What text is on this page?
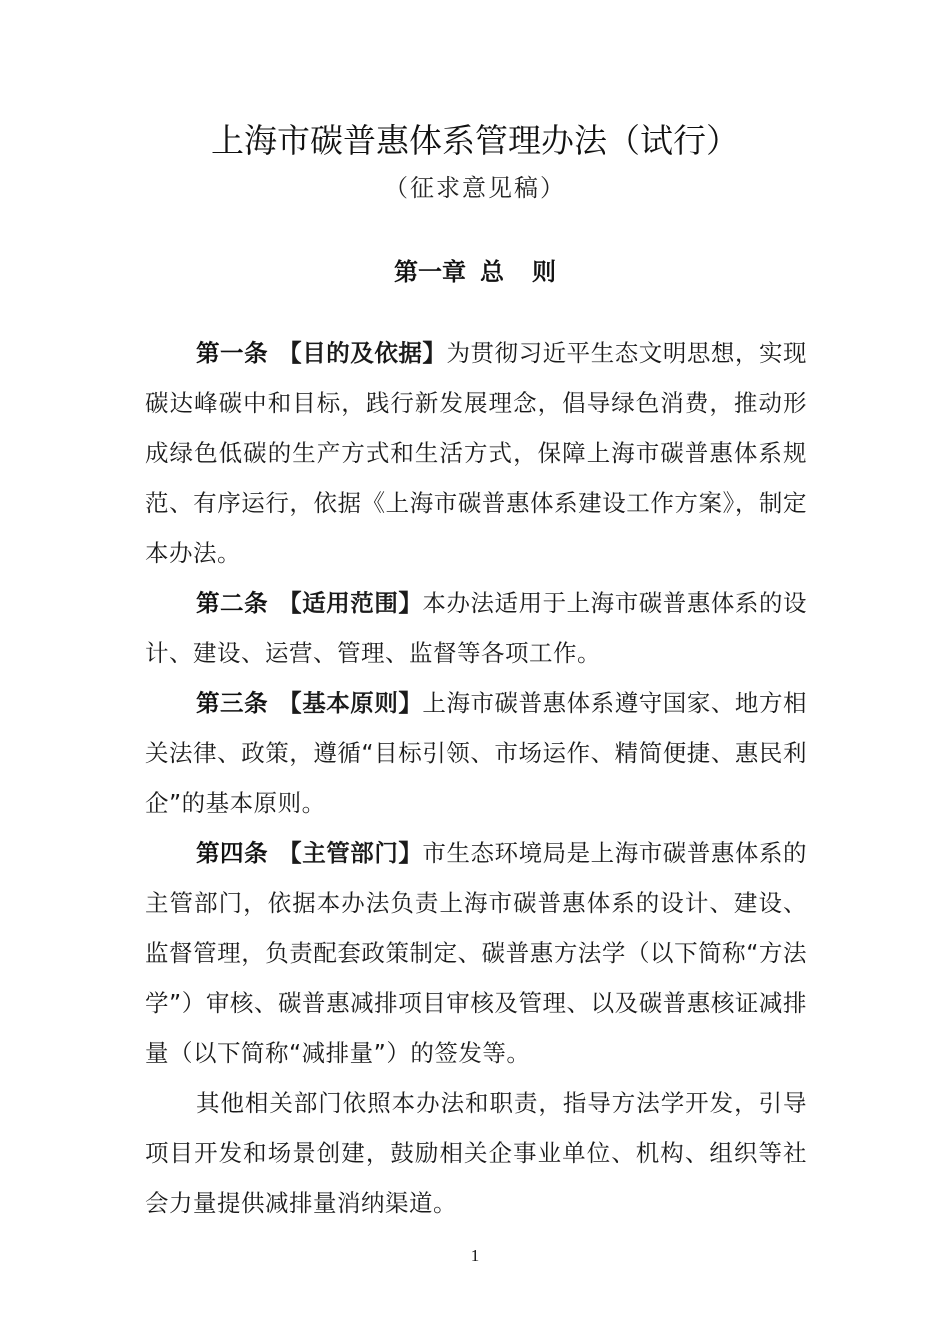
上海市碳普惠体系管理办法（试行）
（征求意见稿）
第一章 总 则

第一条 【目的及依据】为贯彻习近平生态文明思想，实现碳达峰碳中和目标，践行新发展理念，倡导绿色消费，推动形成绿色低碳的生产方式和生活方式，保障上海市碳普惠体系规范、有序运行，依据《上海市碳普惠体系建设工作方案》，制定本办法。

第二条 【适用范围】本办法适用于上海市碳普惠体系的设计、建设、运营、管理、监督等各项工作。

第三条 【基本原则】上海市碳普惠体系遵守国家、地方相关法律、政策，遵循“目标引领、市场运作、精简便捷、惠民利企”的基本原则。

第四条 【主管部门】市生态环境局是上海市碳普惠体系的主管部门，依据本办法负责上海市碳普惠体系的设计、建设、监督管理，负责配套政策制定、碳普惠方法学（以下简称“方法学”）审核、碳普惠减排项目审核及管理、以及碳普惠核证减排量（以下简称“减排量”）的签发等。

其他相关部门依照本办法和职责，指导方法学开发，引导项目开发和场景创建，鼓励相关企事业单位、机构、组织等社会力量提供减排量消纳渠道。

1
